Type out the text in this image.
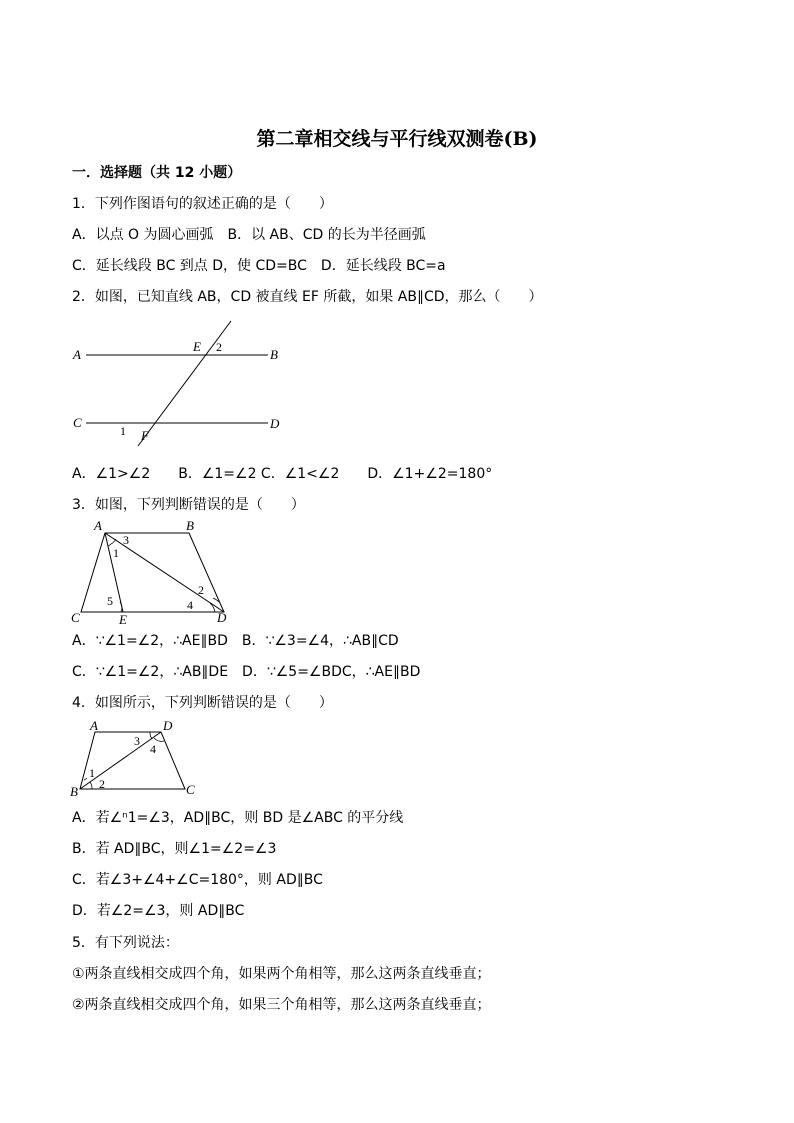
第二章相交线与平行线双测卷(B)
一．选择题（共 12 小题）
1．下列作图语句的叙述正确的是（　　）
A．以点 O 为圆心画弧　B．以 AB、CD 的长为半径画弧
C．延长线段 BC 到点 D，使 CD=BC　D．延长线段 BC=a
2．如图，已知直线 AB，CD 被直线 EF 所截，如果 AB∥CD，那么（　　）
A	B
C	D
E
F
2
1
A．∠1>∠2　　B．∠1=∠2 C．∠1<∠2　　D．∠1+∠2=180°
3．如图，下列判断错误的是（　　）
A	B
C	E	D
3
1
2
4
5
A．∵∠1=∠2，∴AE∥BD　B．∵∠3=∠4，∴AB∥CD
C．∵∠1=∠2，∴AB∥DE　D．∵∠5=∠BDC，∴AE∥BD
4．如图所示，下列判断错误的是（　　）
A	D
B	C
1
2
3
4
A．若∠ⁿ1=∠3，AD∥BC，则 BD 是∠ABC 的平分线
B．若 AD∥BC，则∠1=∠2=∠3
C．若∠3+∠4+∠C=180°，则 AD∥BC
D．若∠2=∠3，则 AD∥BC
5．有下列说法：
①两条直线相交成四个角，如果两个角相等，那么这两条直线垂直；
②两条直线相交成四个角，如果三个角相等，那么这两条直线垂直；
